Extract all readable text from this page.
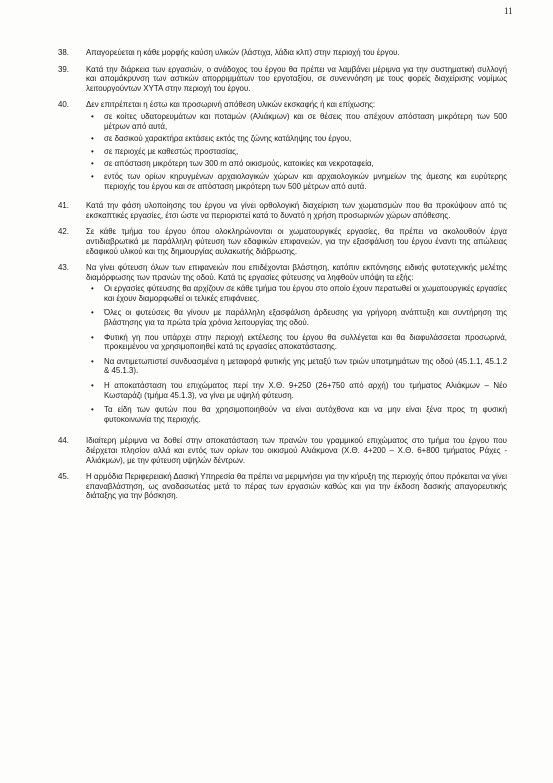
11
38.	Απαγορεύεται η κάθε μορφής καύση υλικών (λάστιχα, λάδια κλπ) στην περιοχή του έργου.

39.	Κατά την διάρκεια των εργασιών, ο ανάδοχος του έργου θα πρέπει να λαμβάνει μέριμνα για την συστηματική συλλογή και απομάκρυνση των αστικών απορριμμάτων του εργοταξίου, σε συνεννόηση με τους φορείς διαχείρισης νομίμως λειτουργούντων ΧΥΤΑ στην περιοχή του έργου.

40.	Δεν επιτρέπεται η έστω και προσωρινή απόθεση υλικών εκσκαφής ή και επίχωσης:

• σε κοίτες υδατορευμάτων και ποταμών (Αλιάκμων) και σε θέσεις που απέχουν απόσταση μικρότερη των 500 μέτρων από αυτά,
• σε δασικού χαρακτήρα εκτάσεις εκτός της ζώνης κατάληψης του έργου,
• σε περιοχές με καθεστώς προστασίας,
• σε απόσταση μικρότερη των 300 m από οικισμούς, κατοικίες και νεκροταφεία,
• εντός των ορίων κηρυγμένων αρχαιολογικών χώρων και αρχαιολογικών μνημείων της άμεσης και ευρύτερης περιοχής του έργου και σε απόσταση μικρότερη των 500 μέτρων από αυτά.
41.	Κατά την φάση υλοποίησης του έργου να γίνει ορθολογική διαχείριση των χωματισμών που θα προκύψουν από τις εκσκαπτικές εργασίες, έτσι ώστε να περιοριστεί κατά το δυνατό η χρήση προσωρινών χώρων απόθεσης.

42.	Σε κάθε τμήμα του έργου όπου ολοκληρώνονται οι χωματουργικές εργασίες, θα πρέπει να ακολουθούν έργα αντιδιαβρωτικά με παράλληλη φύτευση των εδαφικών επιφανειών, για την εξασφάλιση του έργου έναντι της απώλειας εδαφικού υλικού και της δημιουργίας αυλακωτής διάβρωσης.

43.	Να γίνει φύτευση όλων των επιφανειών που επιδέχονται βλάστηση, κατόπιν εκπόνησης ειδικής φυτοτεχνικής μελέτης διαμόρφωσης των πρανών της οδού. Κατά τις εργασίες φύτευσης να ληφθούν υπόψη τα εξής:

• Οι εργασίες φύτευσης θα αρχίζουν σε κάθε τμήμα του έργου στο οποίο έχουν περατωθεί οι χωματουργικές εργασίες και έχουν διαμορφωθεί οι τελικές επιφάνειες.
• Όλες οι φυτεύσεις θα γίνουν με παράλληλη εξασφάλιση άρδευσης για γρήγορη ανάπτυξη και συντήρηση της βλάστησης για τα πρώτα τρία χρόνια λειτουργίας της οδού.
• Φυτική γη που υπάρχει στην περιοχή εκτέλεσης του έργου θα συλλέγεται και θα διαφυλάσσεται προσωρινά, προκειμένου να χρησιμοποιηθεί κατά τις εργασίες αποκατάστασης.
• Να αντιμετωπιστεί συνδυασμένα η μεταφορά φυτικής γης μεταξύ των τριών υποτμημάτων της οδού (45.1.1, 45.1.2 & 45.1.3).
• Η αποκατάσταση του επιχώματος περί την Χ.Θ. 9+250 (26+750 από αρχή) του τμήματος Αλιάκμων – Νέο Κωσταράζι (τμήμα 45.1.3), να γίνει με υψηλή φύτευση.
• Τα είδη των φυτών που θα χρησιμοποιηθούν να είναι αυτόχθονα και να μην είναι ξένα προς τη φυσική φυτοκοινωνία της περιοχής.
44.	Ιδιαίτερη μέριμνα να δοθεί στην αποκατάσταση των πρανών του γραμμικού επιχώματος στο τμήμα του έργου που διέρχεται πλησίον αλλά και εντός των ορίων του οικισμού Αλιάκμονα (Χ.Θ. 4+200 – Χ.Θ. 6+800 τμήματος Ράχες - Αλιάκμων), με την φύτευση υψηλών δέντρων.

45.	Η αρμόδια Περιφερειακή Δασική Υπηρεσία θα πρέπει να μεριμνήσει για την κήρυξη της περιοχής όπου πρόκειται να γίνει επαναβλάστηση, ως αναδασωτέας μετά το πέρας των εργασιών καθώς και για την έκδοση δασικής απαγορευτικής διάταξης για την βόσκηση.
